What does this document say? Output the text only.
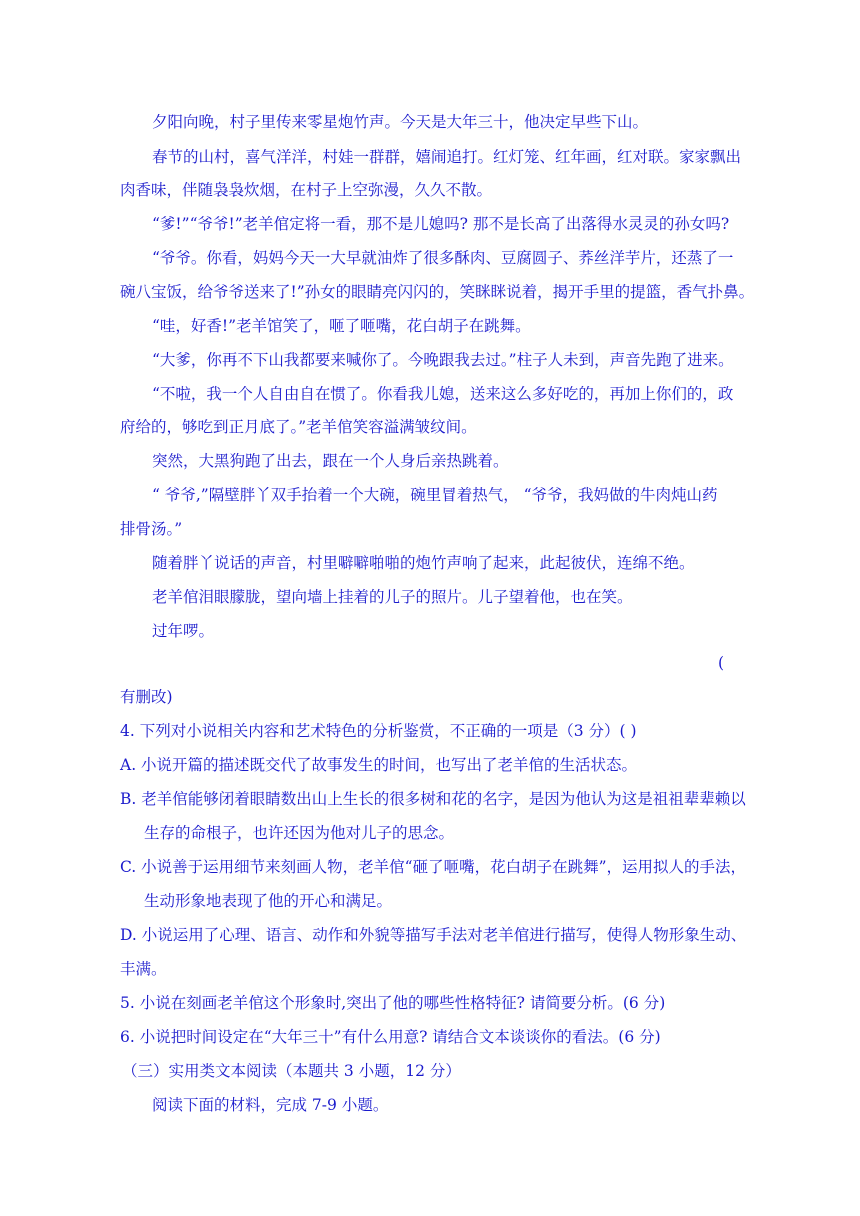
夕阳向晚，村子里传来零星炮竹声。今天是大年三十，他决定早些下山。
春节的山村，喜气洋洋，村娃一群群，嬉闹追打。红灯笼、红年画，红对联。家家飘出
肉香味，伴随袅袅炊烟，在村子上空弥漫，久久不散。
“爹!”“爷爷!”老羊倌定将一看，那不是儿媳吗? 那不是长高了出落得水灵灵的孙女吗?
“爷爷。你看，妈妈今天一大早就油炸了很多酥肉、豆腐圆子、荞丝洋芋片，还蒸了一
碗八宝饭，给爷爷送来了!”孙女的眼睛亮闪闪的，笑眯眯说着，揭开手里的提篮，香气扑鼻。
“哇，好香!”老羊馆笑了，咂了咂嘴，花白胡子在跳舞。
“大爹，你再不下山我都要来喊你了。今晚跟我去过。”柱子人未到，声音先跑了进来。
“不啦，我一个人自由自在惯了。你看我儿媳，送来这么多好吃的，再加上你们的，政
府给的，够吃到正月底了。”老羊倌笑容溢满皱纹间。
突然，大黑狗跑了出去，跟在一个人身后亲热跳着。
“ 爷爷,”隔壁胖丫双手抬着一个大碗，碗里冒着热气， “爷爷，我妈做的牛肉炖山药
排骨汤。”
随着胖丫说话的声音，村里噼噼啪啪的炮竹声响了起来，此起彼伏，连绵不绝。
老羊倌泪眼朦胧，望向墙上挂着的儿子的照片。儿子望着他，也在笑。
过年啰。
(
有删改)
4. 下列对小说相关内容和艺术特色的分析鉴赏，不正确的一项是（3 分）( )
A. 小说开篇的描述既交代了故事发生的时间，也写出了老羊倌的生活状态。
B. 老羊倌能够闭着眼睛数出山上生长的很多树和花的名字，是因为他认为这是祖祖辈辈赖以
生存的命根子，也许还因为他对儿子的思念。
C. 小说善于运用细节来刻画人物，老羊倌“砸了咂嘴，花白胡子在跳舞”，运用拟人的手法，
生动形象地表现了他的开心和满足。
D. 小说运用了心理、语言、动作和外貌等描写手法对老羊倌进行描写，使得人物形象生动、
丰满。
5. 小说在刻画老羊倌这个形象时,突出了他的哪些性格特征? 请简要分析。(6 分)
6. 小说把时间设定在“大年三十”有什么用意? 请结合文本谈谈你的看法。(6 分)
（三）实用类文本阅读（本题共 3 小题，12 分）
阅读下面的材料，完成 7-9 小题。
